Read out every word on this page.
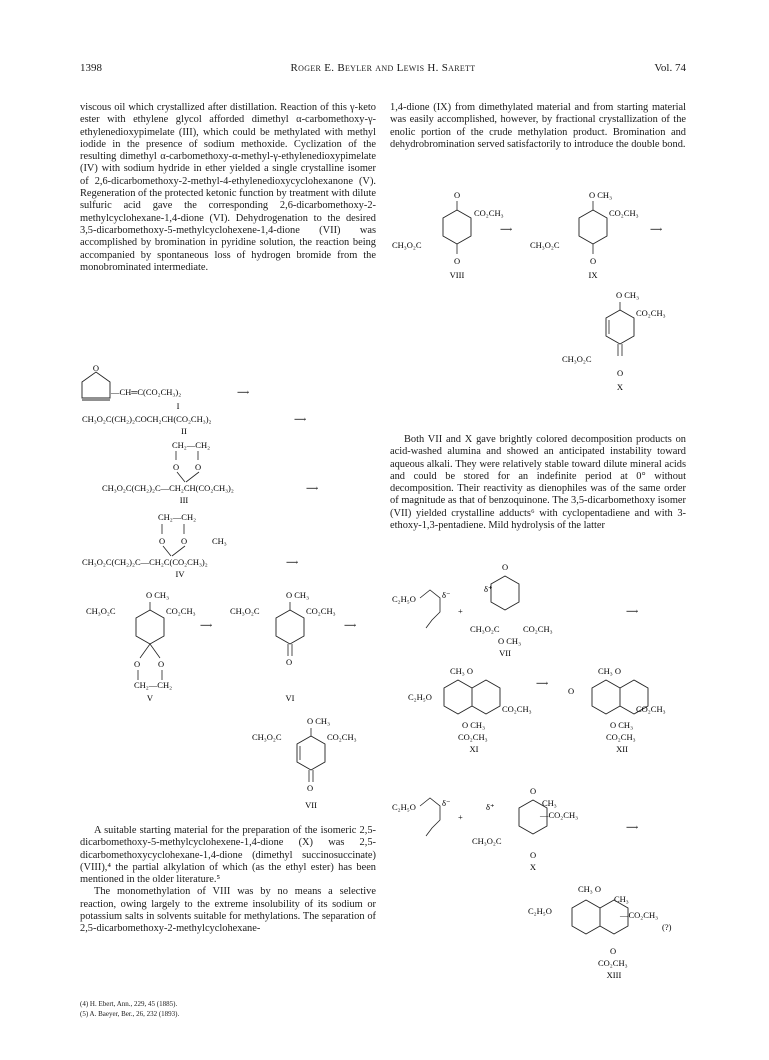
1398	Roger E. Beyler and Lewis H. Sarett	Vol. 74

viscous oil which crystallized after distillation. Reaction of this γ-keto ester with ethylene glycol afforded dimethyl α-carbomethoxy-γ-ethylenedioxypimelate (III), which could be methylated with methyl iodide in the presence of sodium methoxide. Cyclization of the resulting dimethyl α-carbomethoxy-α-methyl-γ-ethylenedioxypimelate (IV) with sodium hydride in ether yielded a single crystalline isomer of 2,6-dicarbomethoxy-2-methyl-4-ethylenedioxycyclohexanone (V). Regeneration of the protected ketonic function by treatment with dilute sulfuric acid gave the corresponding 2,6-dicarbomethoxy-2-methylcyclohexane-1,4-dione (VI). Dehydrogenation to the desired 3,5-dicarbomethoxy-5-methylcyclohexene-1,4-dione (VII) was accomplished by bromination in pyridine solution, the reaction being accompanied by spontaneous loss of hydrogen bromide from the monobrominated intermediate.

O
—CH═C(CO₂CH₃)₂	⟶
I
CH₃O₂C(CH₂)₂COCH₂CH(CO₂CH₃)₂	⟶
II
CH₂—CH₂
O O
CH₃O₂C(CH₂)₂C—CH₂CH(CO₂CH₃)₂	⟶
III
CH₂—CH₂
O O	CH₃
CH₃O₂C(CH₂)₂C—CH₂C(CO₂CH₃)₂	⟶
IV
O CH₃
CO₂CH₃
CH₃O₂C
O O
CH₂—CH₂
V
⟶
O CH₃
CO₂CH₃
CH₃O₂C
O
VI
⟶
O CH₃
CO₂CH₃
CH₃O₂C
O
VII

A suitable starting material for the preparation of the isomeric 2,5-dicarbomethoxy-5-methylcyclohexene-1,4-dione (X) was 2,5-dicarbomethoxycyclohexane-1,4-dione (dimethyl succinosuccinate) (VIII),⁴ the partial alkylation of which (as the ethyl ester) has been mentioned in the older literature.⁵

The monomethylation of VIII was by no means a selective reaction, owing largely to the extreme insolubility of its sodium or potassium salts in solvents suitable for methylations. The separation of 2,5-dicarbomethoxy-2-methylcyclohexane-

(4) H. Ebert, Ann., 229, 45 (1885).
(5) A. Baeyer, Ber., 26, 232 (1893).

1,4-dione (IX) from dimethylated material and from starting material was easily accomplished, however, by fractional crystallization of the enolic portion of the crude methylation product. Bromination and dehydrobromination served satisfactorily to introduce the double bond.

O
CO₂CH₃
CH₃O₂C
O
VIII
⟶
O CH₃
CO₂CH₃
CH₃O₂C
O
IX
⟶
O CH₃
CO₂CH₃
CH₃O₂C
O
X

Both VII and X gave brightly colored decomposition products on acid-washed alumina and showed an anticipated instability toward aqueous alkali. They were relatively stable toward dilute mineral acids and could be stored for an indefinite period at 0° without decomposition. Their reactivity as dienophiles was of the same order of magnitude as that of benzoquinone. The 3,5-dicarbomethoxy isomer (VII) yielded crystalline adducts⁶ with cyclopentadiene and with 3-ethoxy-1,3-pentadiene. Mild hydrolysis of the latter

C₂H₅O	δ⁻
+
O
δ⁺
CH₃O₂C	CO₂CH₃
O CH₃
VII
⟶
CH₃ O
C₂H₅O
CO₂CH₃
O CH₃
CO₂CH₃
XI
⟶
CH₃ O
O
CO₂CH₃
O CH₃
CO₂CH₃
XII
C₂H₅O	δ⁻
+
O
δ⁺	CH₃
—CO₂CH₃
CH₃O₂C
O
X
⟶
CH₃ O
CH₃
C₂H₅O	—CO₂CH₃
(?)
O
CO₂CH₃
XIII
